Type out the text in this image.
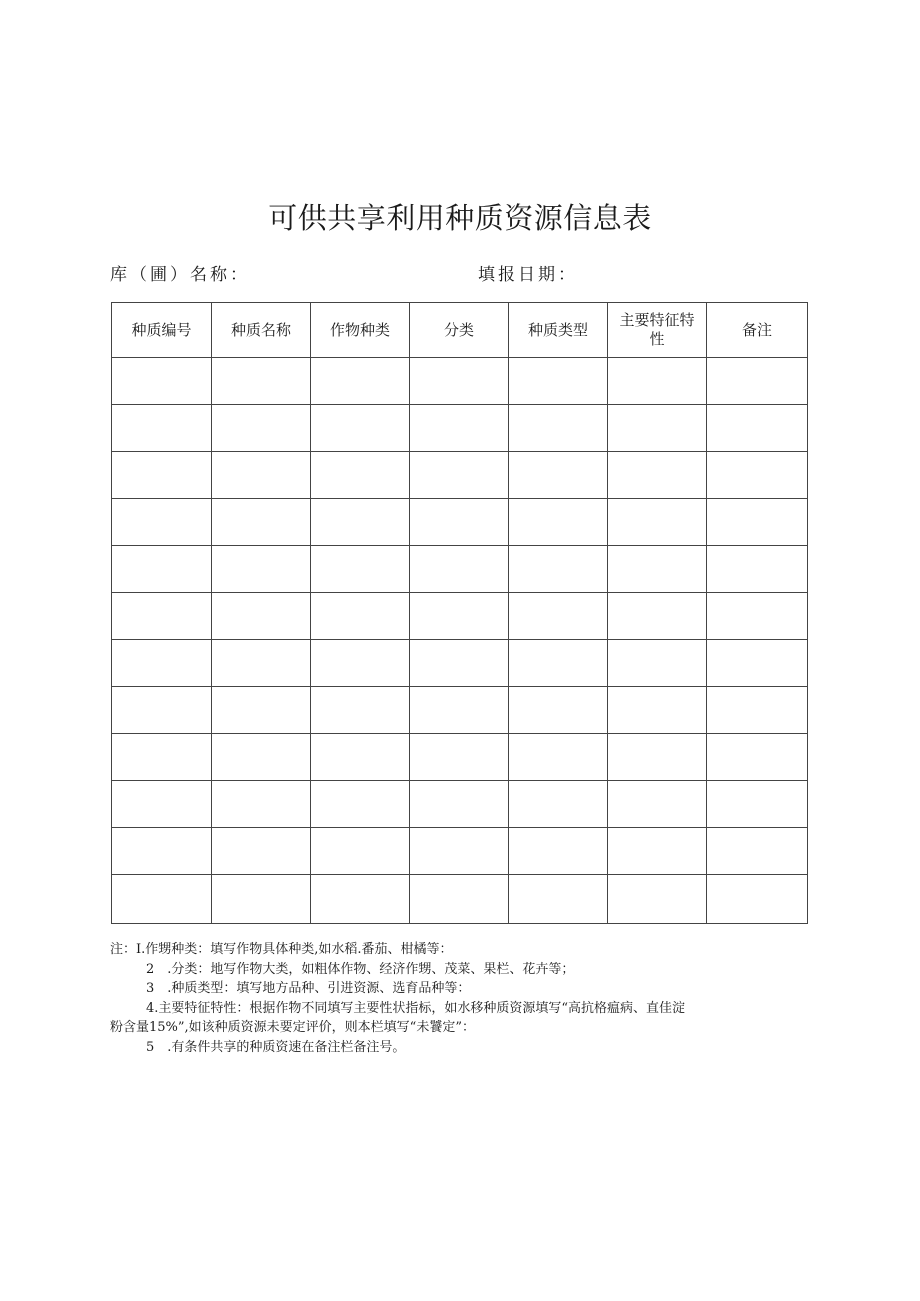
可供共享利用种质资源信息表
库（圃）名称：	填报日期：
种质编号	种质名称	作物种类	分类	种质类型	主要特征特性	备注

注：I.作甥种类：填写作物具体种类,如水稻.番茄、柑橘等：
2　.分类：地写作物大类，如粗体作物、经济作甥、茂菜、果栏、花卉等；
3　.种质类型：填写地方品种、引进资源、选育品种等：
4.主要特征特性：根据作物不同填写主要性状指标，如水移种质资源填写“高抗格瘟病、直佳淀
粉含量15%”,如该种质资源未要定评价，则本栏填写“未饕定”：
5　.有条件共享的种质资速在备注栏备注号。
